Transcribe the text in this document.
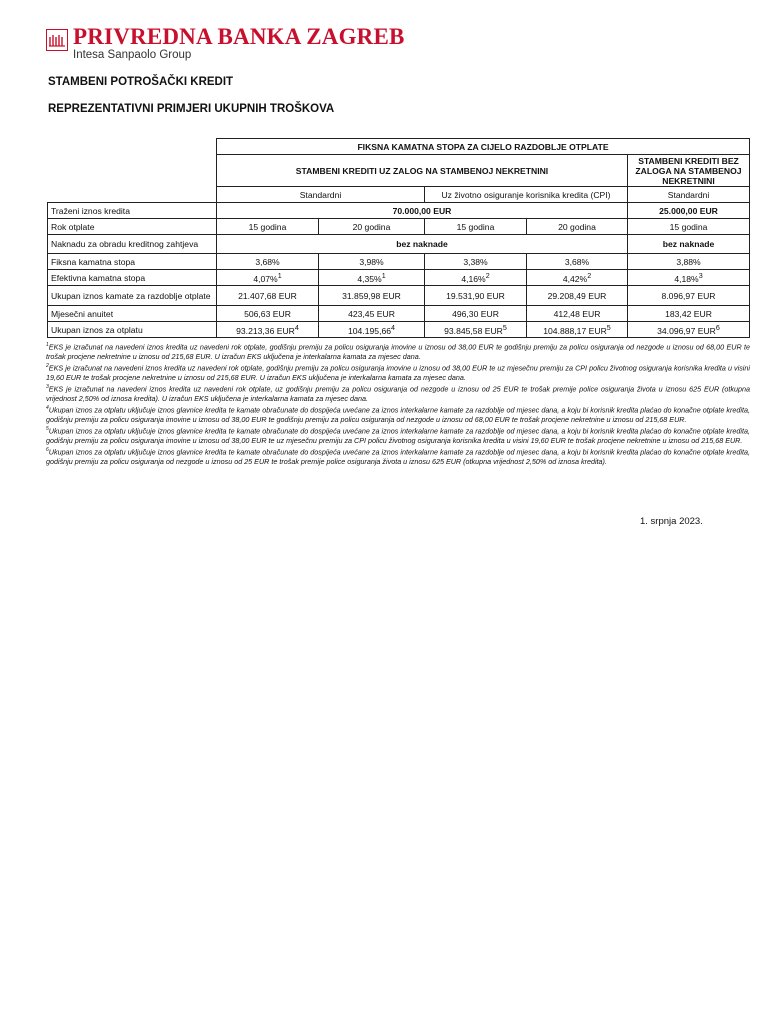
PRIVREDNA BANKA ZAGREB
Intesa Sanpaolo Group
STAMBENI POTROŠAČKI KREDIT
REPREZENTATIVNI PRIMJERI UKUPNIH TROŠKOVA
	FIKSNA KAMATNA STOPA ZA CIJELO RAZDOBLJE OTPLATE				
	STAMBENI KREDITI UZ ZALOG NA STAMBENOJ NEKRETNINI				STAMBENI KREDITI BEZ ZALOGA NA STAMBENOJ NEKRETNINI
	Standardni		Uz životno osiguranje korisnika kredita (CPI)		Standardni
Traženi iznos kredita	70.000,00 EUR				25.000,00 EUR
Rok otplate	15 godina	20 godina	15 godina	20 godina	15 godina
Naknadu za obradu kreditnog zahtjeva	bez naknade				bez naknade
Fiksna kamatna stopa	3,68%	3,98%	3,38%	3,68%	3,88%
Efektivna kamatna stopa	4,07%$^1$	4,35%$^1$	4,16%$^2$	4,42%$^2$	4,18%$^3$
Ukupan iznos kamate za razdoblje otplate	21.407,68 EUR	31.859,98 EUR	19.531,90 EUR	29.208,49 EUR	8.096,97 EUR
Mjesečni anuitet	506,63 EUR	423,45 EUR	496,30 EUR	412,48 EUR	183,42 EUR
Ukupan iznos za otplatu	93.213,36 EUR$^4$	104.195,66$^4$	93.845,58 EUR$^5$	104.888,17 EUR$^5$	34.096,97 EUR$^6$

$^1$EKS je izračunat na navedeni iznos kredita uz navedeni rok otplate, godišnju premiju za policu osiguranja imovine u iznosu od 38,00 EUR te godišnju premiju za policu osiguranja od nezgode u iznosu od 68,00 EUR te trošak procjene nekretnine u iznosu od 215,68 EUR. U izračun EKS uključena je interkalarna kamata za mjesec dana.

$^2$EKS je izračunat na navedeni iznos kredita uz navedeni rok otplate, godišnju premiju za policu osiguranja imovine u iznosu od 38,00 EUR te uz mjesečnu premiju za CPI policu životnog osiguranja korisnika kredita u visini 19,60 EUR te trošak procjene nekretnine u iznosu od 215,68 EUR. U izračun EKS uključena je interkalarna kamata za mjesec dana.

$^3$EKS je izračunat na navedeni iznos kredita uz navedeni rok otplate, uz godišnju premiju za policu osiguranja od nezgode u iznosu od 25 EUR te trošak premije police osiguranja života u iznosu 625 EUR (otkupna vrijednost 2,50% od iznosa kredita). U izračun EKS uključena je interkalarna kamata za mjesec dana.

$^4$Ukupan iznos za otplatu uključuje iznos glavnice kredita te kamate obračunate do dospijeća uvećane za iznos interkalarne kamate za razdoblje od mjesec dana, a koju bi korisnik kredita plaćao do konačne otplate kredita, godišnju premiju za policu osiguranja imovine u iznosu od 38,00 EUR te godišnju premiju za policu osiguranja od nezgode u iznosu od 68,00 EUR te trošak procjene nekretnine u iznosu od 215,68 EUR.

$^5$Ukupan iznos za otplatu uključuje iznos glavnice kredita te kamate obračunate do dospijeća uvećane za iznos interkalarne kamate za razdoblje od mjesec dana, a koju bi korisnik kredita plaćao do konačne otplate kredita, godišnju premiju za policu osiguranja imovine u iznosu od 38,00 EUR te uz mjesečnu premiju za CPI policu životnog osiguranja korisnika kredita u visini 19,60 EUR te trošak procjene nekretnine u iznosu od 215,68 EUR.

$^6$Ukupan iznos za otplatu uključuje iznos glavnice kredita te kamate obračunate do dospijeća uvećane za iznos interkalarne kamate za razdoblje od mjesec dana, a koju bi korisnik kredita plaćao do konačne otplate kredita, godišnju premiju za policu osiguranja od nezgode u iznosu od 25 EUR te trošak premije police osiguranja života u iznosu 625 EUR (otkupna vrijednost 2,50% od iznosa kredita).

1. srpnja 2023.
